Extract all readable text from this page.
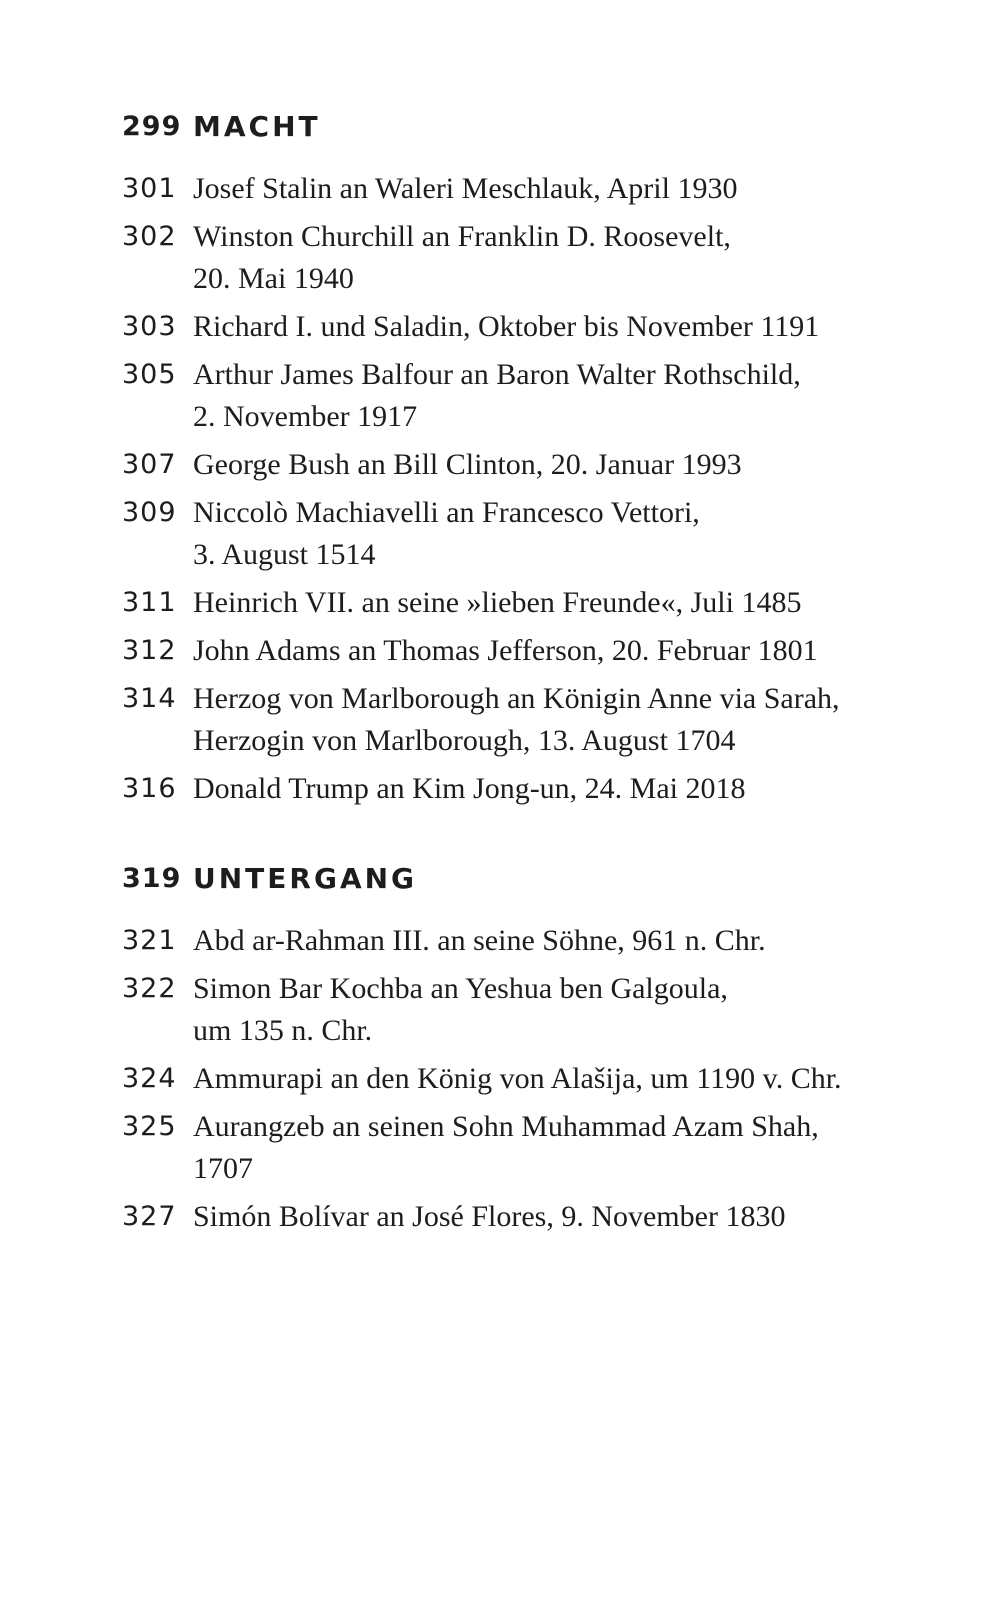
299 MACHT
301 Josef Stalin an Waleri Meschlauk, April 1930
302 Winston Churchill an Franklin D. Roosevelt,
20. Mai 1940
303 Richard I. und Saladin, Oktober bis November 1191
305 Arthur James Balfour an Baron Walter Rothschild,
2. November 1917
307 George Bush an Bill Clinton, 20. Januar 1993
309 Niccolò Machiavelli an Francesco Vettori,
3. August 1514
311 Heinrich VII. an seine »lieben Freunde«, Juli 1485
312 John Adams an Thomas Jefferson, 20. Februar 1801
314 Herzog von Marlborough an Königin Anne via Sarah,
Herzogin von Marlborough, 13. August 1704
316 Donald Trump an Kim Jong-un, 24. Mai 2018
319 UNTERGANG
321 Abd ar-Rahman III. an seine Söhne, 961 n. Chr.
322 Simon Bar Kochba an Yeshua ben Galgoula,
um 135 n. Chr.
324 Ammurapi an den König von Alašija, um 1190 v. Chr.
325 Aurangzeb an seinen Sohn Muhammad Azam Shah,
1707
327 Simón Bolívar an José Flores, 9. November 1830
